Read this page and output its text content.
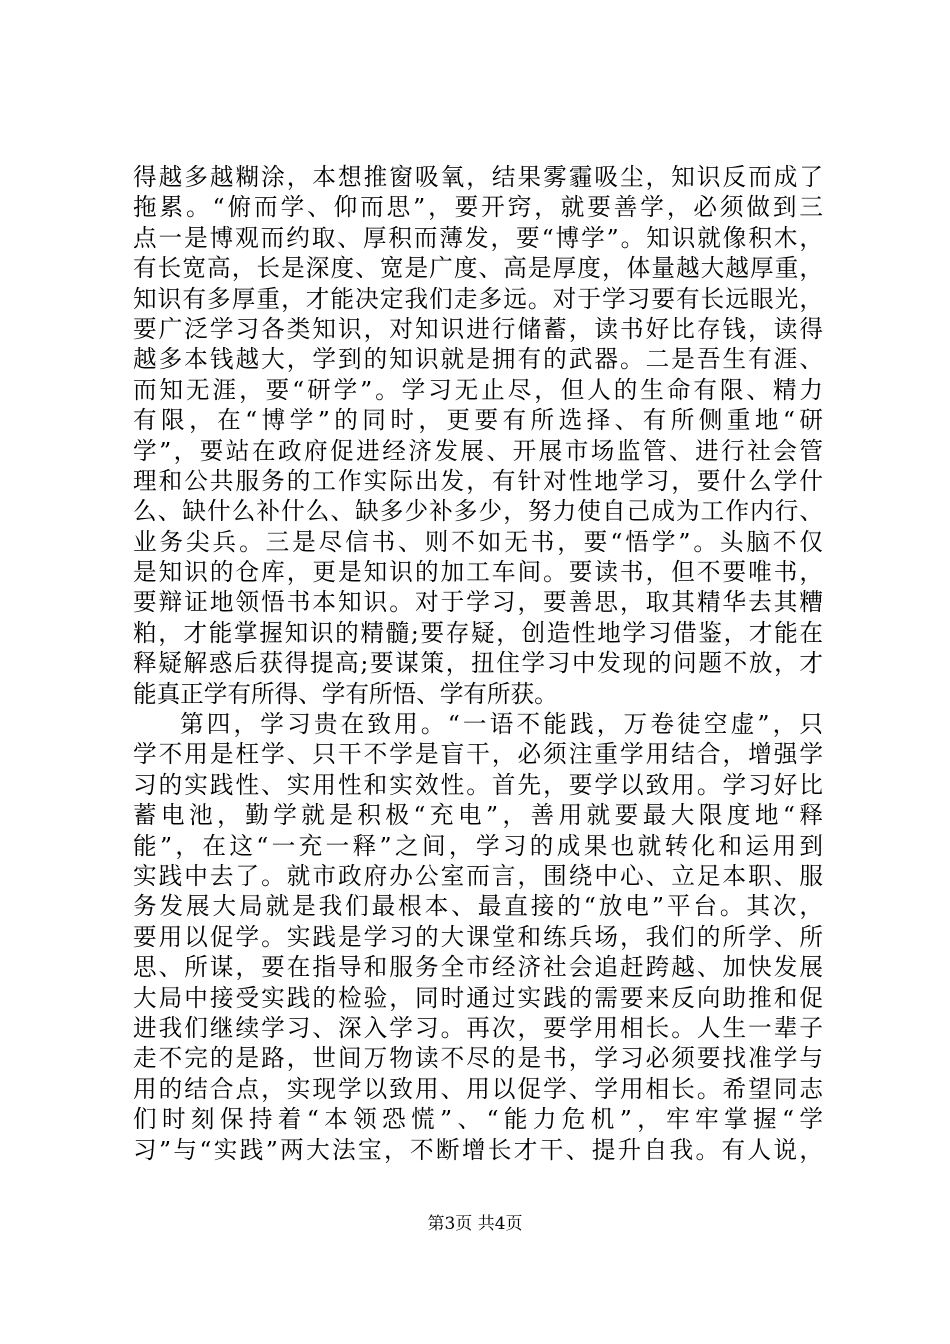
得越多越糊涂，本想推窗吸氧，结果雾霾吸尘，知识反而成了
拖累。“俯而学、仰而思”，要开窍，就要善学，必须做到三
点一是博观而约取、厚积而薄发，要“博学”。知识就像积木，
有长宽高，长是深度、宽是广度、高是厚度，体量越大越厚重，
知识有多厚重，才能决定我们走多远。对于学习要有长远眼光，
要广泛学习各类知识，对知识进行储蓄，读书好比存钱，读得
越多本钱越大，学到的知识就是拥有的武器。二是吾生有涯、
而知无涯，要“研学”。学习无止尽，但人的生命有限、精力
有限，在“博学”的同时，更要有所选择、有所侧重地“研
学”，要站在政府促进经济发展、开展市场监管、进行社会管
理和公共服务的工作实际出发，有针对性地学习，要什么学什
么、缺什么补什么、缺多少补多少，努力使自己成为工作内行、
业务尖兵。三是尽信书、则不如无书，要“悟学”。头脑不仅
是知识的仓库，更是知识的加工车间。要读书，但不要唯书，
要辩证地领悟书本知识。对于学习，要善思，取其精华去其糟
粕，才能掌握知识的精髓;要存疑，创造性地学习借鉴，才能在
释疑解惑后获得提高;要谋策，扭住学习中发现的问题不放，才
能真正学有所得、学有所悟、学有所获。
第四，学习贵在致用。“一语不能践，万卷徒空虚”，只
学不用是枉学、只干不学是盲干，必须注重学用结合，增强学
习的实践性、实用性和实效性。首先，要学以致用。学习好比
蓄电池，勤学就是积极“充电”，善用就要最大限度地“释
能”，在这“一充一释”之间，学习的成果也就转化和运用到
实践中去了。就市政府办公室而言，围绕中心、立足本职、服
务发展大局就是我们最根本、最直接的“放电”平台。其次，
要用以促学。实践是学习的大课堂和练兵场，我们的所学、所
思、所谋，要在指导和服务全市经济社会追赶跨越、加快发展
大局中接受实践的检验，同时通过实践的需要来反向助推和促
进我们继续学习、深入学习。再次，要学用相长。人生一辈子
走不完的是路，世间万物读不尽的是书，学习必须要找准学与
用的结合点，实现学以致用、用以促学、学用相长。希望同志
们时刻保持着“本领恐慌”、“能力危机”，牢牢掌握“学
习”与“实践”两大法宝，不断增长才干、提升自我。有人说，
第3页 共4页
